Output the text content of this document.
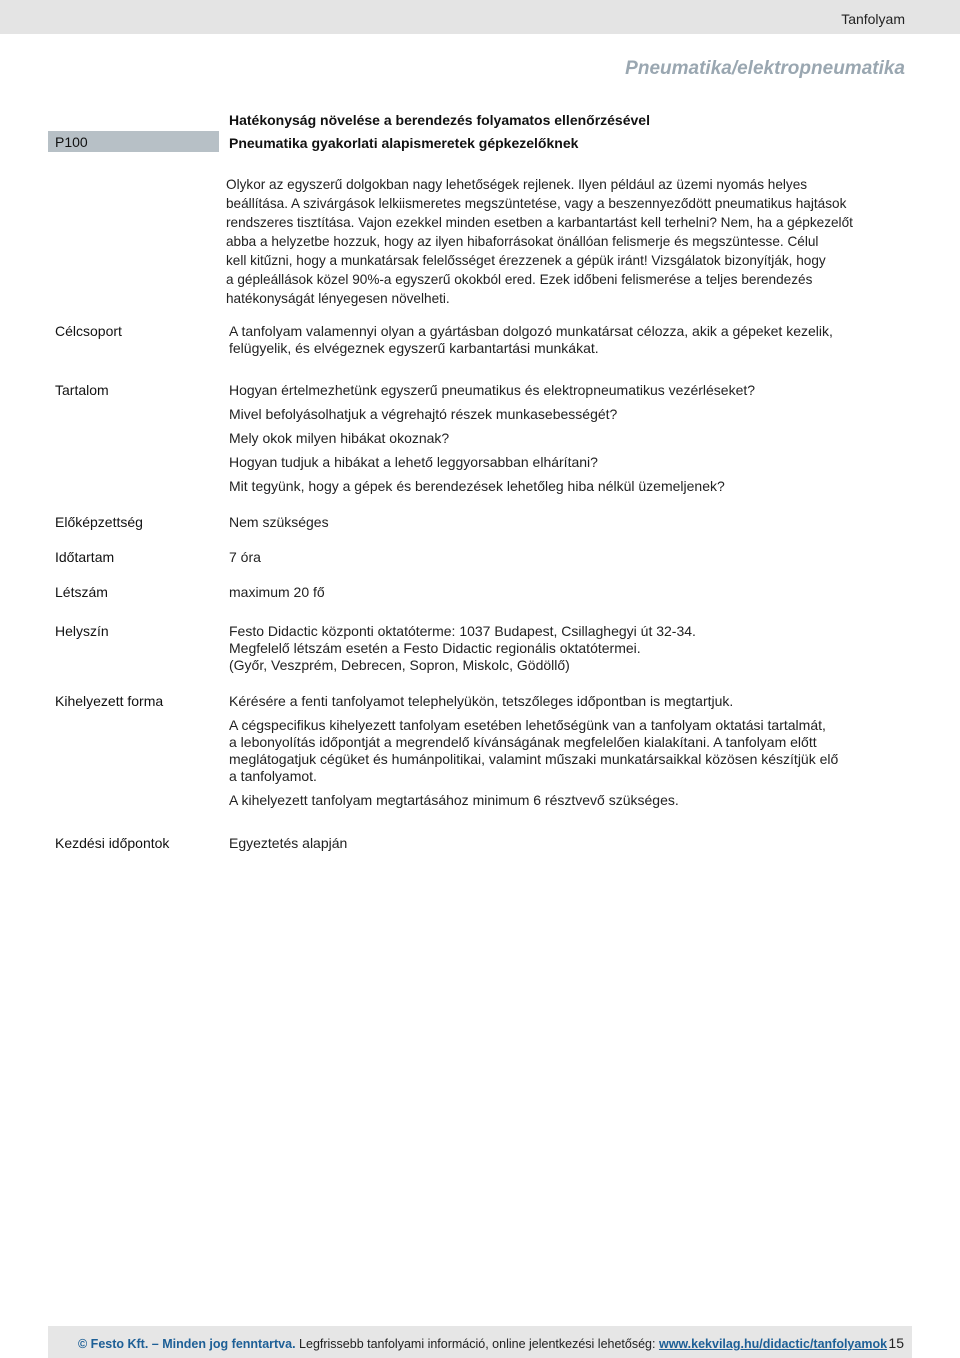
Tanfolyam
Pneumatika/elektropneumatika
P100
Hatékonyság növelése a berendezés folyamatos ellenőrzésével
Pneumatika gyakorlati alapismeretek gépkezelőknek

Olykor az egyszerű dolgokban nagy lehetőségek rejlenek. Ilyen például az üzemi nyomás helyes

beállítása. A szivárgások lelkiismeretes megszüntetése, vagy a beszennyeződött pneumatikus hajtások

rendszeres tisztítása. Vajon ezekkel minden esetben a karbantartást kell terhelni? Nem, ha a gépkezelőt

abba a helyzetbe hozzuk, hogy az ilyen hibaforrásokat önállóan felismerje és megszüntesse. Célul

kell kitűzni, hogy a munkatársak felelősséget érezzenek a gépük iránt! Vizsgálatok bizonyítják, hogy

a gépleállások közel 90%-a egyszerű okokból ered. Ezek időbeni felismerése a teljes berendezés

hatékonyságát lényegesen növelheti.

Célcsoport	A tanfolyam valamennyi olyan a gyártásban dolgozó munkatársat célozza, akik a gépeket kezelik,

felügyelik, és elvégeznek egyszerű karbantartási munkákat.

Tartalom	Hogyan értelmezhetünk egyszerű pneumatikus és elektropneumatikus vezérléseket?

Mivel befolyásolhatjuk a végrehajtó részek munkasebességét?

Mely okok milyen hibákat okoznak?

Hogyan tudjuk a hibákat a lehető leggyorsabban elhárítani?

Mit tegyünk, hogy a gépek és berendezések lehetőleg hiba nélkül üzemeljenek?

Előképzettség	Nem szükséges
Időtartam	7 óra
Létszám	maximum 20 fő
Helyszín	Festo Didactic központi oktatóterme: 1037 Budapest, Csillaghegyi út 32-34.

Megfelelő létszám esetén a Festo Didactic regionális oktatótermei.

(Győr, Veszprém, Debrecen, Sopron, Miskolc, Gödöllő)

Kihelyezett forma	Kérésére a fenti tanfolyamot telephelyükön, tetszőleges időpontban is megtartjuk.

A cégspecifikus kihelyezett tanfolyam esetében lehetőségünk van a tanfolyam oktatási tartalmát,

a lebonyolítás időpontját a megrendelő kívánságának megfelelően kialakítani. A tanfolyam előtt

meglátogatjuk cégüket és humánpolitikai, valamint műszaki munkatársaikkal közösen készítjük elő

a tanfolyamot.

A kihelyezett tanfolyam megtartásához minimum 6 résztvevő szükséges.

Kezdési időpontok	Egyeztetés alapján
© Festo Kft. – Minden jog fenntartva. Legfrissebb tanfolyami információ, online jelentkezési lehetőség: www.kekvilag.hu/didactic/tanfolyamok 15
